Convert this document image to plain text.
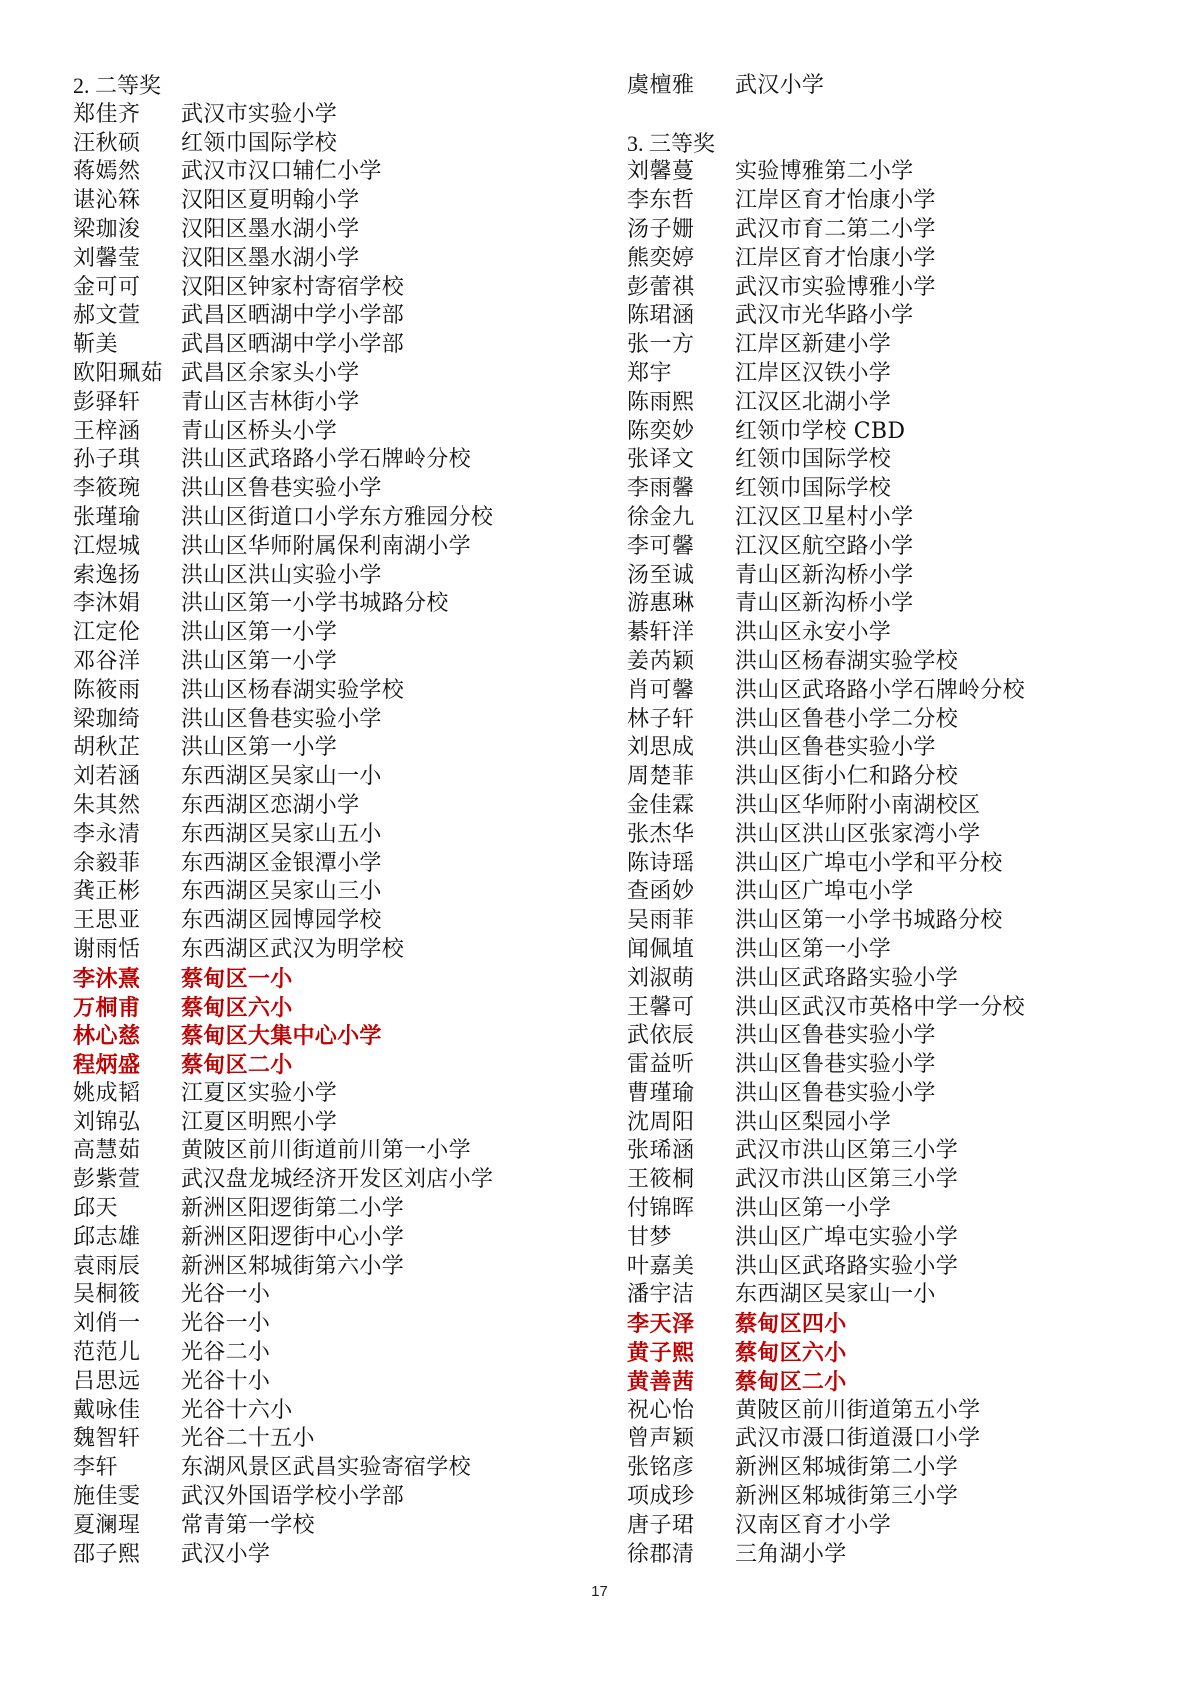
2. 二等奖
郑佳齐 武汉市实验小学
汪秋硕 红领巾国际学校
蒋嫣然 武汉市汉口辅仁小学
谌沁箖 汉阳区夏明翰小学
梁珈浚 汉阳区墨水湖小学
刘馨莹 汉阳区墨水湖小学
金可可 汉阳区钟家村寄宿学校
郝文萱 武昌区晒湖中学小学部
靳美	武昌区晒湖中学小学部
欧阳珮茹 武昌区余家头小学
彭驿轩 青山区吉林街小学
王梓涵 青山区桥头小学
孙子琪 洪山区武珞路小学石牌岭分校
李筱琬 洪山区鲁巷实验小学
张瑾瑜 洪山区街道口小学东方雅园分校
江煜城 洪山区华师附属保利南湖小学
索逸扬 洪山区洪山实验小学
李沐娟 洪山区第一小学书城路分校
江定伦 洪山区第一小学
邓谷洋 洪山区第一小学
陈筱雨 洪山区杨春湖实验学校
梁珈绮 洪山区鲁巷实验小学
胡秋芷 洪山区第一小学
刘若涵 东西湖区吴家山一小
朱其然 东西湖区恋湖小学
李永清 东西湖区吴家山五小
余毅菲 东西湖区金银潭小学
龚正彬 东西湖区吴家山三小
王思亚 东西湖区园博园学校
谢雨恬 东西湖区武汉为明学校
李沐熹 蔡甸区一小
万桐甫 蔡甸区六小
林心慈 蔡甸区大集中心小学
程炳盛 蔡甸区二小
姚成韬 江夏区实验小学
刘锦弘 江夏区明熙小学
高慧茹 黄陂区前川街道前川第一小学
彭紫萱 武汉盘龙城经济开发区刘店小学
邱天	新洲区阳逻街第二小学
邱志雄 新洲区阳逻街中心小学
袁雨辰 新洲区邾城街第六小学
吴桐筱 光谷一小
刘俏一 光谷一小
范范儿 光谷二小
吕思远 光谷十小
戴咏佳 光谷十六小
魏智轩 光谷二十五小
李轩	东湖风景区武昌实验寄宿学校
施佳雯 武汉外国语学校小学部
夏澜瑆 常青第一学校
邵子熙 武汉小学
虞檀雅 武汉小学
3. 三等奖
刘馨蔓 实验博雅第二小学
李东哲 江岸区育才怡康小学
汤子姗 武汉市育二第二小学
熊奕婷 江岸区育才怡康小学
彭蕾祺 武汉市实验博雅小学
陈珺涵 武汉市光华路小学
张一方 江岸区新建小学
郑宇	江岸区汉铁小学
陈雨熙 江汉区北湖小学
陈奕妙 红领巾学校 CBD
张译文 红领巾国际学校
李雨馨 红领巾国际学校
徐金九 江汉区卫星村小学
李可馨 江汉区航空路小学
汤至诚 青山区新沟桥小学
游惠琳 青山区新沟桥小学
綦轩洋 洪山区永安小学
姜芮颖 洪山区杨春湖实验学校
肖可馨 洪山区武珞路小学石牌岭分校
林子轩 洪山区鲁巷小学二分校
刘思成 洪山区鲁巷实验小学
周楚菲 洪山区街小仁和路分校
金佳霖 洪山区华师附小南湖校区
张杰华 洪山区洪山区张家湾小学
陈诗瑶 洪山区广埠屯小学和平分校
查函妙 洪山区广埠屯小学
吴雨菲 洪山区第一小学书城路分校
闻佩埴 洪山区第一小学
刘淑萌 洪山区武珞路实验小学
王馨可 洪山区武汉市英格中学一分校
武依辰 洪山区鲁巷实验小学
雷益听 洪山区鲁巷实验小学
曹瑾瑜 洪山区鲁巷实验小学
沈周阳 洪山区梨园小学
张琋涵 武汉市洪山区第三小学
王筱桐 武汉市洪山区第三小学
付锦晖 洪山区第一小学
甘梦	洪山区广埠屯实验小学
叶嘉美 洪山区武珞路实验小学
潘宇洁 东西湖区吴家山一小
李天泽 蔡甸区四小
黄子熙 蔡甸区六小
黄善茜 蔡甸区二小
祝心怡 黄陂区前川街道第五小学
曾声颖 武汉市滠口街道滠口小学
张铭彦 新洲区邾城街第二小学
项成珍 新洲区邾城街第三小学
唐子珺 汉南区育才小学
徐郡清 三角湖小学
17
